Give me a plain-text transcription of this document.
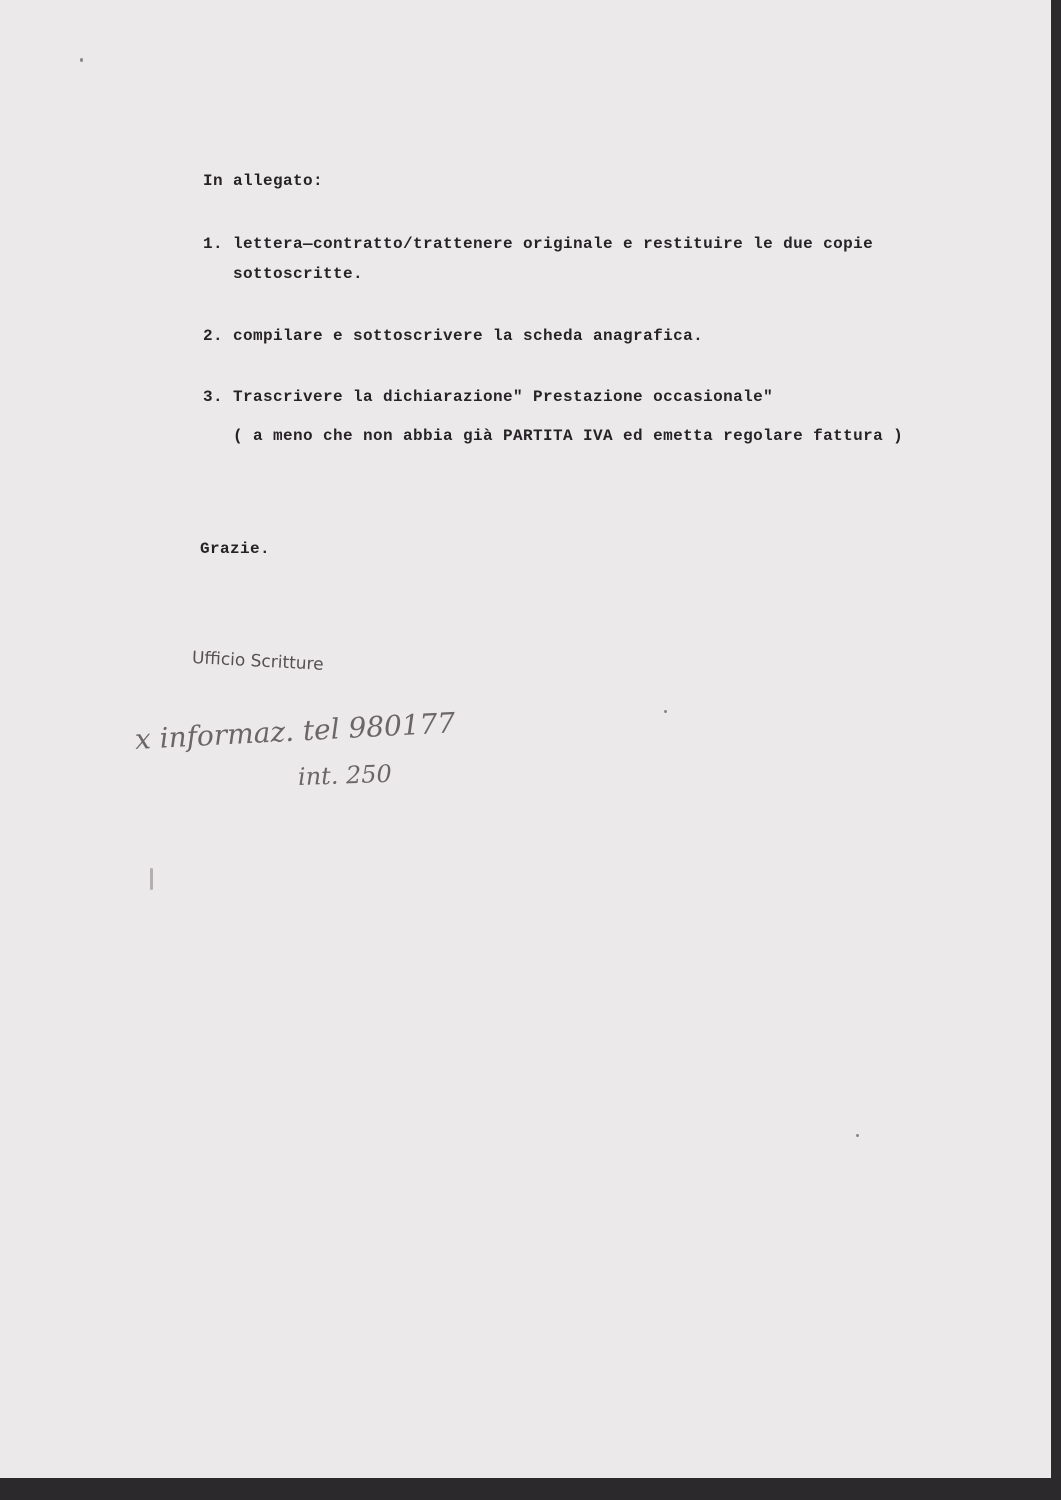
In allegato:

1. lettera—contratto/trattenere originale e restituire le due copie

sottoscritte.

2. compilare e sottoscrivere la scheda anagrafica.

3. Trascrivere la dichiarazione" Prestazione occasionale"

( a meno che non abbia già PARTITA IVA ed emetta regolare fattura )

Grazie.

Ufficio Scritture

x informaz. tel 980177

int. 250
